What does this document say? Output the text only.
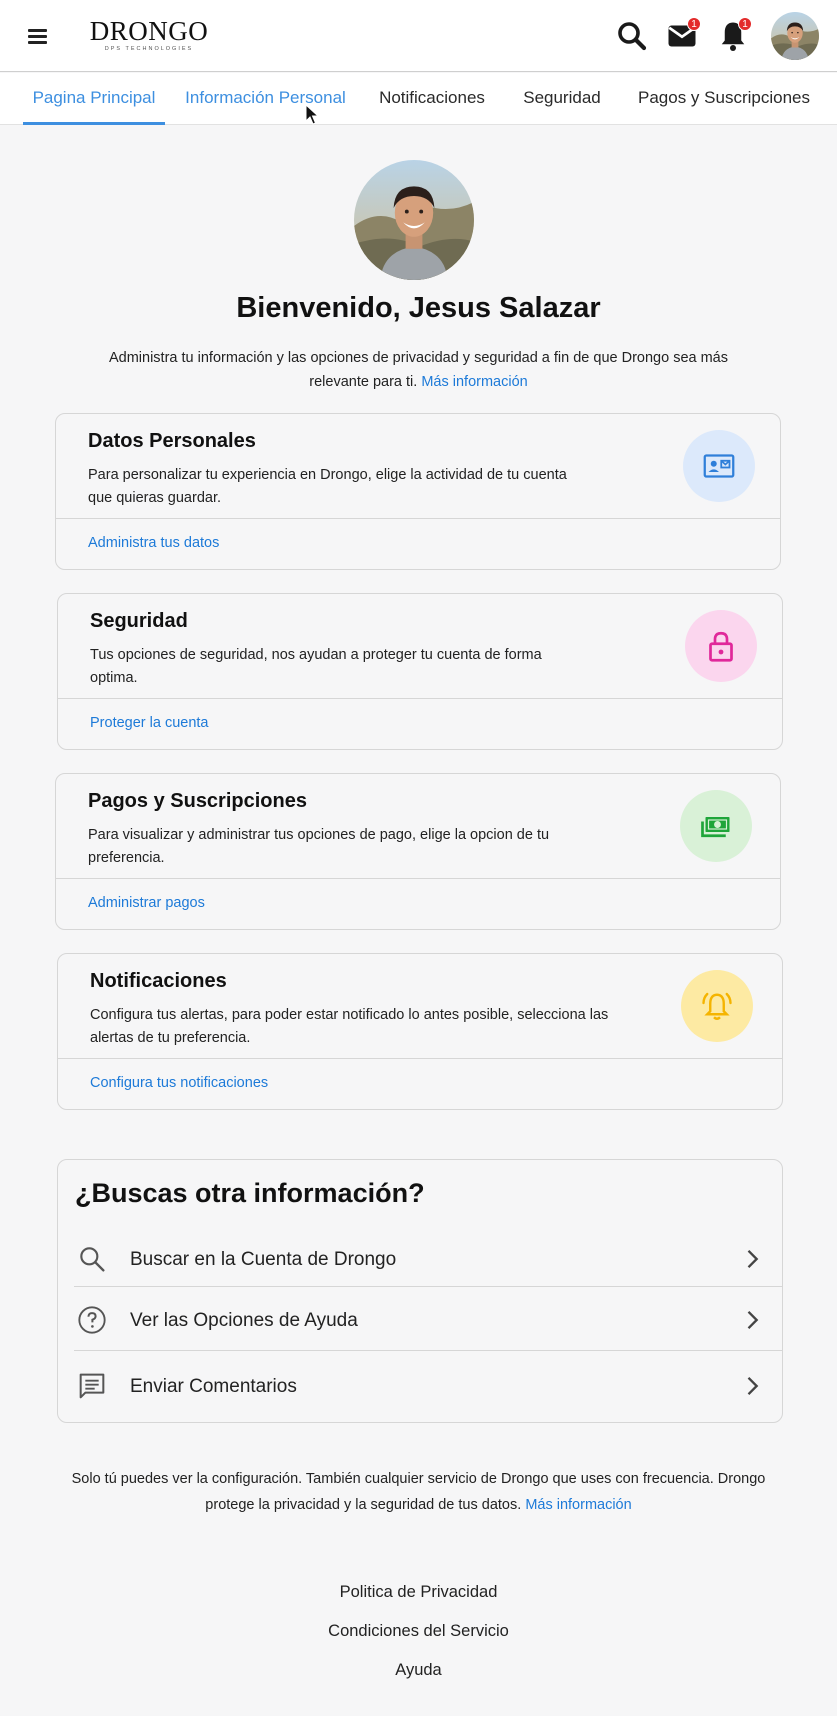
DRONGO
DPS TECHNOLOGIES
1	1
Pagina Principal	Información Personal	Notificaciones	Seguridad Pagos y Suscripciones
Bienvenido, Jesus Salazar
Administra tu información y las opciones de privacidad y seguridad a fin de que Drongo sea más relevante para ti. Más información
Datos Personales
Para personalizar tu experiencia en Drongo, elige la actividad de tu cuenta que quieras guardar.
Administra tus datos
Seguridad
Tus opciones de seguridad, nos ayudan a proteger tu cuenta de forma optima.
Proteger la cuenta
Pagos y Suscripciones
Para visualizar y administrar tus opciones de pago, elige la opcion de tu preferencia.
Administrar pagos
Notificaciones
Configura tus alertas, para poder estar notificado lo antes posible, selecciona las alertas de tu preferencia.
Configura tus notificaciones
¿Buscas otra información?
Buscar en la Cuenta de Drongo
Ver las Opciones de Ayuda
Enviar Comentarios
Solo tú puedes ver la configuración. También cualquier servicio de Drongo que uses con frecuencia. Drongo protege la privacidad y la seguridad de tus datos. Más información
Politica de Privacidad
Condiciones del Servicio
Ayuda
